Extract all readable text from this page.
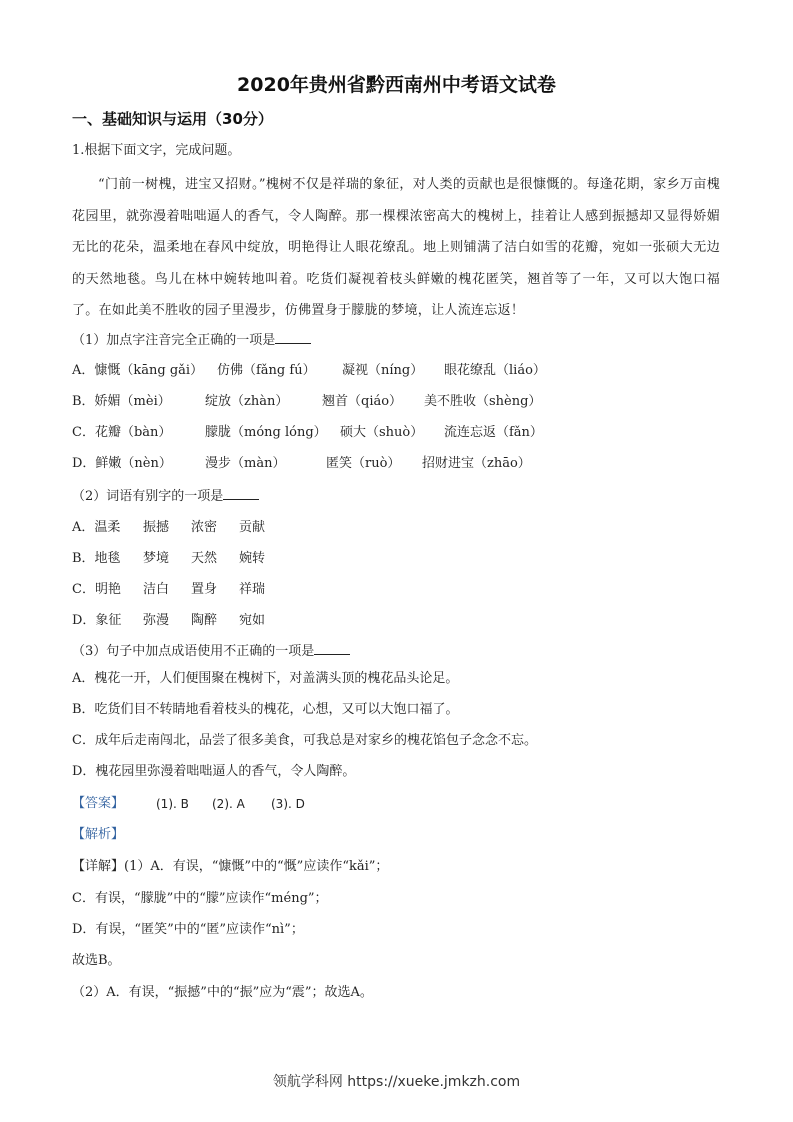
2020年贵州省黔西南州中考语文试卷
一、基础知识与运用（30分）
1.根据下面文字，完成问题。
“门前一树槐，进宝又招财。”槐树不仅是祥瑞的象征，对人类的贡献也是很慷慨的。每逢花期，家乡万亩槐花园里，就弥漫着咄咄逼人的香气，令人陶醉。那一棵棵浓密高大的槐树上，挂着让人感到振撼却又显得娇媚无比的花朵，温柔地在春风中绽放，明艳得让人眼花缭乱。地上则铺满了洁白如雪的花瓣，宛如一张硕大无边的天然地毯。鸟儿在林中婉转地叫着。吃货们凝视着枝头鲜嫩的槐花匿笑，翘首等了一年，又可以大饱口福了。在如此美不胜收的园子里漫步，仿佛置身于朦胧的梦境，让人流连忘返！
（1）加点字注音完全正确的一项是
A．慷慨（kāng gǎi） 仿佛（fǎng fú） 凝视（níng） 眼花缭乱（liáo）
B．娇媚（mèi）	绽放（zhàn）	翘首（qiáo） 美不胜收（shèng）
C．花瓣（bàn）	朦胧（móng lóng） 硕大（shuò） 流连忘返（fǎn）
D．鲜嫩（nèn）	漫步（màn）	匿笑（ruò） 招财进宝（zhāo）
（2）词语有别字的一项是
A．温柔 振撼 浓密 贡献
B．地毯 梦境 天然 婉转
C．明艳 洁白 置身 祥瑞
D．象征 弥漫 陶醉 宛如
（3）句子中加点成语使用不正确的一项是
A．槐花一开，人们便围聚在槐树下，对盖满头顶的槐花品头论足。
B．吃货们目不转睛地看着枝头的槐花，心想，又可以大饱口福了。
C．成年后走南闯北，品尝了很多美食，可我总是对家乡的槐花馅包子念念不忘。
D．槐花园里弥漫着咄咄逼人的香气，令人陶醉。
【答案】	(1). B (2). A (3). D
【解析】
【详解】(1）A．有误，“慷慨”中的“慨”应读作“kǎi”；
C．有误，“朦胧”中的“朦”应读作“méng”；
D．有误，“匿笑”中的“匿”应读作“nì”；
故选B。
（2）A．有误，“振撼”中的“振”应为“震”；故选A。
领航学科网 https://xueke.jmkzh.com
